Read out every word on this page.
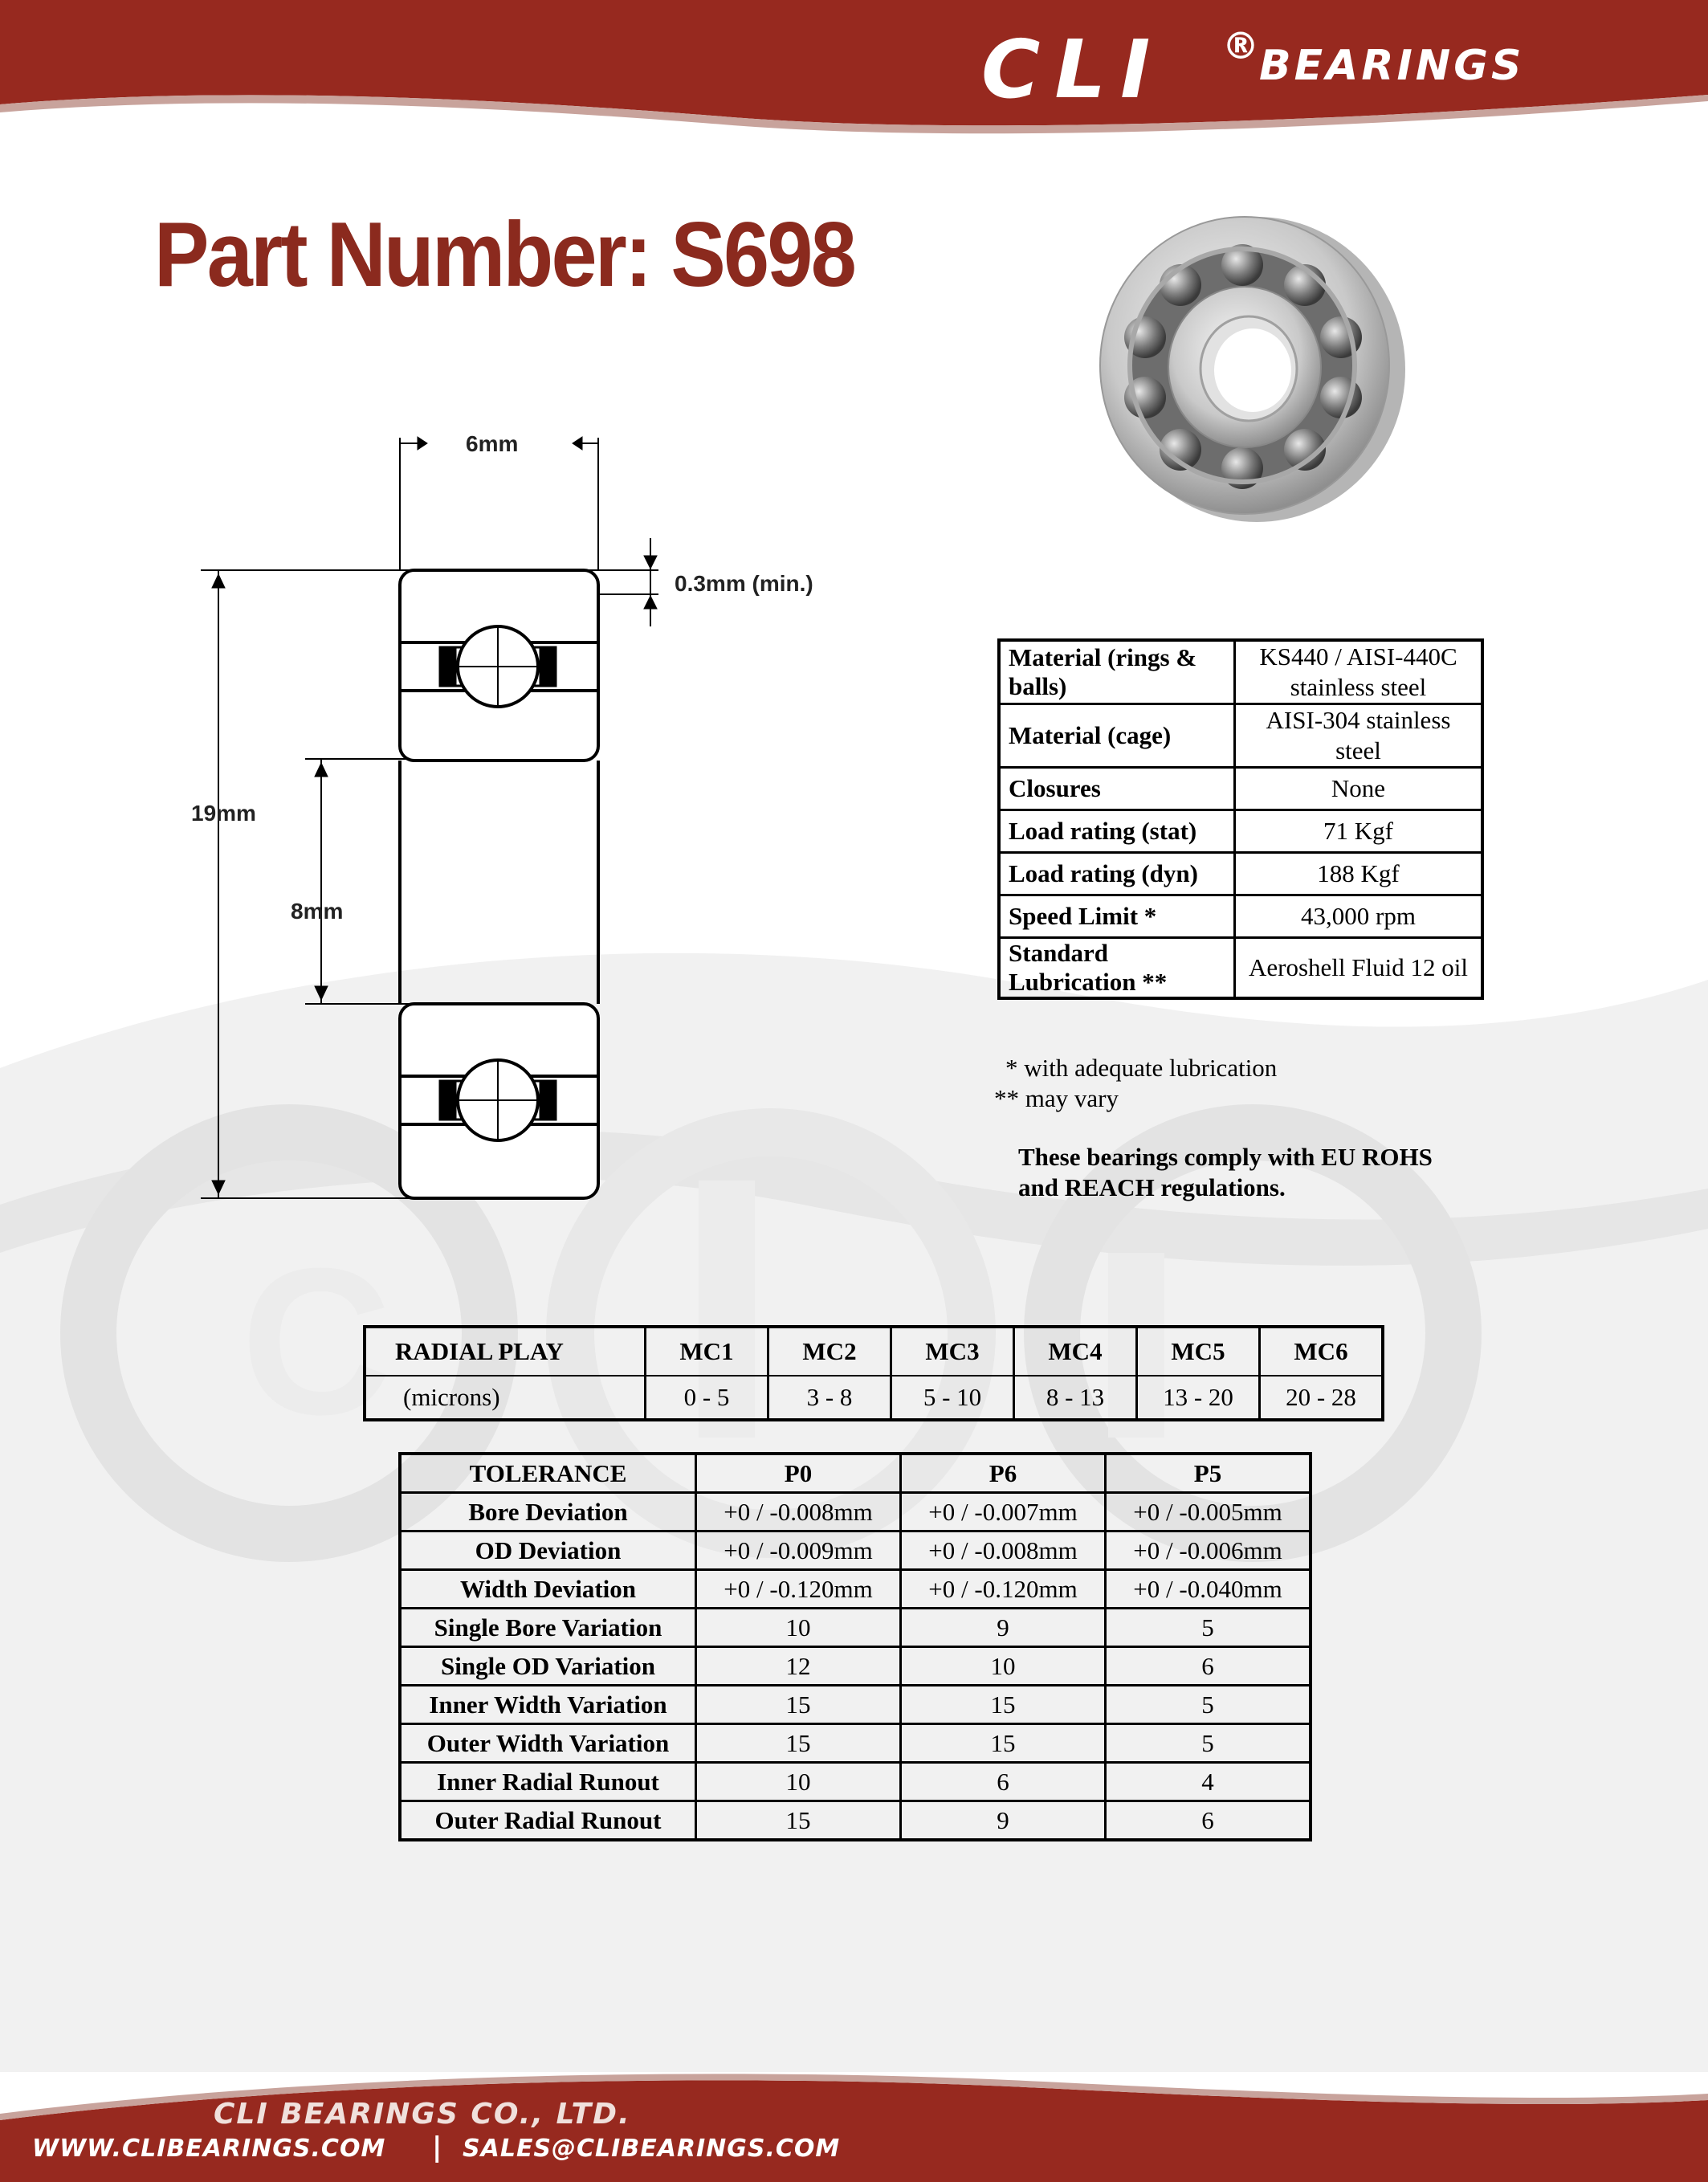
C
CLI ® BEARINGS
Part Number: S698
6mm
0.3mm (min.)
19mm
8mm
Material (rings & balls)	KS440 / AISI-440C stainless steel
Material (cage)	AISI-304 stainless steel
Closures	None
Load rating (stat)	71 Kgf
Load rating (dyn)	188 Kgf
Speed Limit *	43,000 rpm
Standard Lubrication **	Aeroshell Fluid 12 oil
* with adequate lubrication
** may vary
These bearings comply with EU ROHS
and REACH regulations.
RADIAL PLAY	MC1	MC2	MC3	MC4	MC5	MC6
(microns)	0 - 5	3 - 8	5 - 10	8 - 13	13 - 20	20 - 28
TOLERANCE	P0	P6	P5
Bore Deviation	+0 / -0.008mm	+0 / -0.007mm	+0 / -0.005mm
OD Deviation	+0 / -0.009mm	+0 / -0.008mm	+0 / -0.006mm
Width Deviation	+0 / -0.120mm	+0 / -0.120mm	+0 / -0.040mm
Single Bore Variation	10	9	5
Single OD Variation	12	10	6
Inner Width Variation	15	15	5
Outer Width Variation	15	15	5
Inner Radial Runout	10	6	4
Outer Radial Runout	15	9	6
CLI BEARINGS CO., LTD.
WWW.CLIBEARINGS.COM | SALES@CLIBEARINGS.COM
